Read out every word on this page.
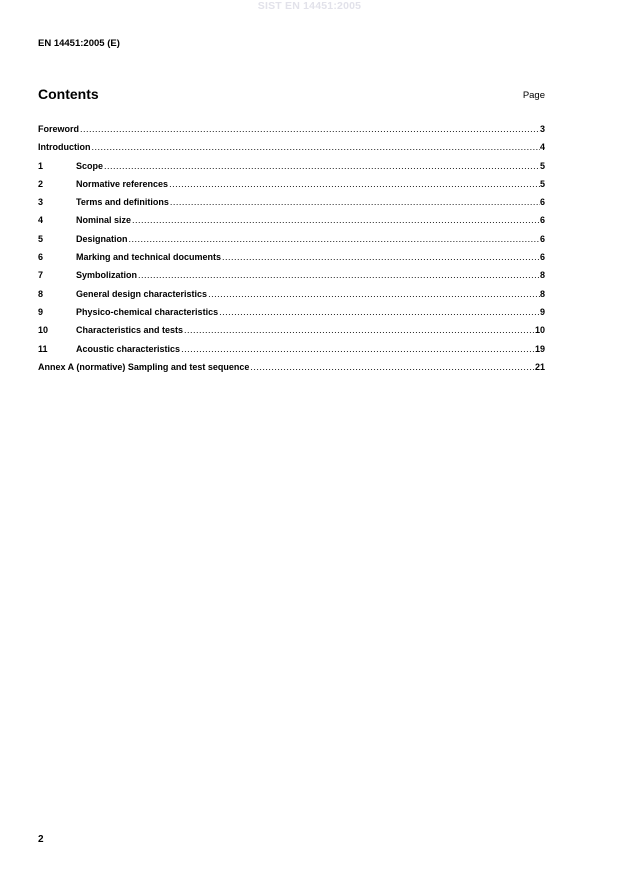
SIST EN 14451:2005
EN 14451:2005 (E)
Contents	Page
Foreword .....	3
Introduction .....	4
1	Scope .....	5
2	Normative references .....	5
3	Terms and definitions .....	6
4	Nominal size .....	6
5	Designation .....	6
6	Marking and technical documents .....	6
7	Symbolization .....	8
8	General design characteristics .....	8
9	Physico-chemical characteristics .....	9
10	Characteristics and tests .....	10
11	Acoustic characteristics .....	19
Annex A (normative) Sampling and test sequence .....	21
2
